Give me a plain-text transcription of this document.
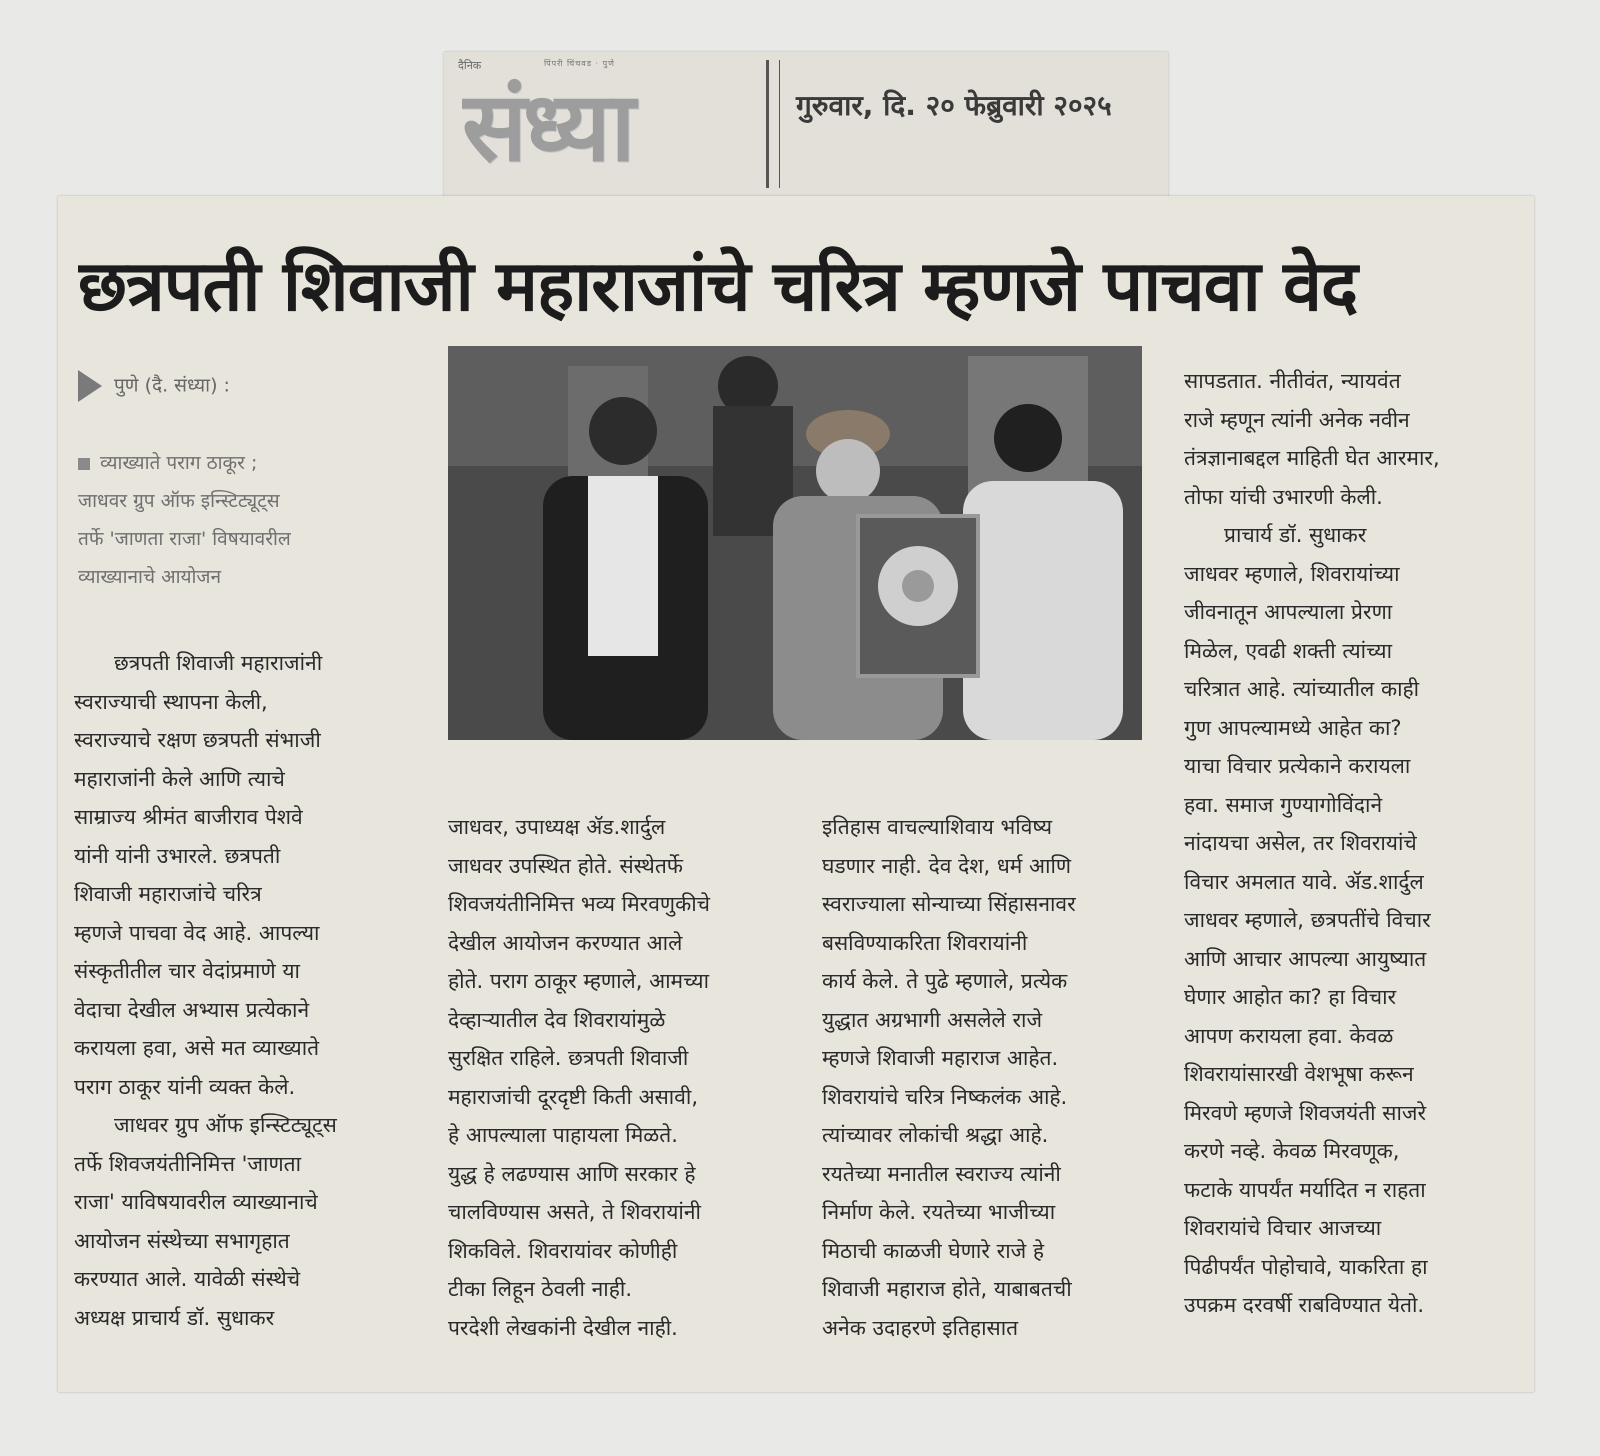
दैनिक	पिंपरी चिंचवड · पुणे
संध्या	गुरुवार, दि. २० फेब्रुवारी २०२५
छत्रपती शिवाजी महाराजांचे चरित्र म्हणजे पाचवा वेद
पुणे (दै. संध्या) :
व्याख्याते पराग ठाकूर ;
जाधवर ग्रुप ऑफ इन्स्टिट्यूट्स
तर्फे 'जाणता राजा' विषयावरील
व्याख्यानाचे आयोजन
छत्रपती शिवाजी महाराजांनी
स्वराज्याची स्थापना केली,
स्वराज्याचे रक्षण छत्रपती संभाजी
महाराजांनी केले आणि त्याचे
साम्राज्य श्रीमंत बाजीराव पेशवे
यांनी यांनी उभारले. छत्रपती
शिवाजी महाराजांचे चरित्र
म्हणजे पाचवा वेद आहे. आपल्या
संस्कृतीतील चार वेदांप्रमाणे या
वेदाचा देखील अभ्यास प्रत्येकाने
करायला हवा, असे मत व्याख्याते
पराग ठाकूर यांनी व्यक्त केले.
जाधवर ग्रुप ऑफ इन्स्टिट्यूट्स
तर्फे शिवजयंतीनिमित्त 'जाणता
राजा' याविषयावरील व्याख्यानाचे
आयोजन संस्थेच्या सभागृहात
करण्यात आले. यावेळी संस्थेचे
अध्यक्ष प्राचार्य डॉ. सुधाकर
जाधवर, उपाध्यक्ष ॲड.शार्दुल
जाधवर उपस्थित होते. संस्थेतर्फे
शिवजयंतीनिमित्त भव्य मिरवणुकीचे
देखील आयोजन करण्यात आले
होते. पराग ठाकूर म्हणाले, आमच्या
देव्हाऱ्यातील देव शिवरायांमुळे
सुरक्षित राहिले. छत्रपती शिवाजी
महाराजांची दूरदृष्टी किती असावी,
हे आपल्याला पाहायला मिळते.
युद्ध हे लढण्यास आणि सरकार हे
चालविण्यास असते, ते शिवरायांनी
शिकविले. शिवरायांवर कोणीही
टीका लिहून ठेवली नाही.
परदेशी लेखकांनी देखील नाही.
इतिहास वाचल्याशिवाय भविष्य
घडणार नाही. देव देश, धर्म आणि
स्वराज्याला सोन्याच्या सिंहासनावर
बसविण्याकरिता शिवरायांनी
कार्य केले. ते पुढे म्हणाले, प्रत्येक
युद्धात अग्रभागी असलेले राजे
म्हणजे शिवाजी महाराज आहेत.
शिवरायांचे चरित्र निष्कलंक आहे.
त्यांच्यावर लोकांची श्रद्धा आहे.
रयतेच्या मनातील स्वराज्य त्यांनी
निर्माण केले. रयतेच्या भाजीच्या
मिठाची काळजी घेणारे राजे हे
शिवाजी महाराज होते, याबाबतची
अनेक उदाहरणे इतिहासात
सापडतात. नीतीवंत, न्यायवंत
राजे म्हणून त्यांनी अनेक नवीन
तंत्रज्ञानाबद्दल माहिती घेत आरमार,
तोफा यांची उभारणी केली.
प्राचार्य डॉ. सुधाकर
जाधवर म्हणाले, शिवरायांच्या
जीवनातून आपल्याला प्रेरणा
मिळेल, एवढी शक्ती त्यांच्या
चरित्रात आहे. त्यांच्यातील काही
गुण आपल्यामध्ये आहेत का?
याचा विचार प्रत्येकाने करायला
हवा. समाज गुण्यागोविंदाने
नांदायचा असेल, तर शिवरायांचे
विचार अमलात यावे. ॲड.शार्दुल
जाधवर म्हणाले, छत्रपतींचे विचार
आणि आचार आपल्या आयुष्यात
घेणार आहोत का? हा विचार
आपण करायला हवा. केवळ
शिवरायांसारखी वेशभूषा करून
मिरवणे म्हणजे शिवजयंती साजरे
करणे नव्हे. केवळ मिरवणूक,
फटाके यापर्यंत मर्यादित न राहता
शिवरायांचे विचार आजच्या
पिढीपर्यंत पोहोचावे, याकरिता हा
उपक्रम दरवर्षी राबविण्यात येतो.
